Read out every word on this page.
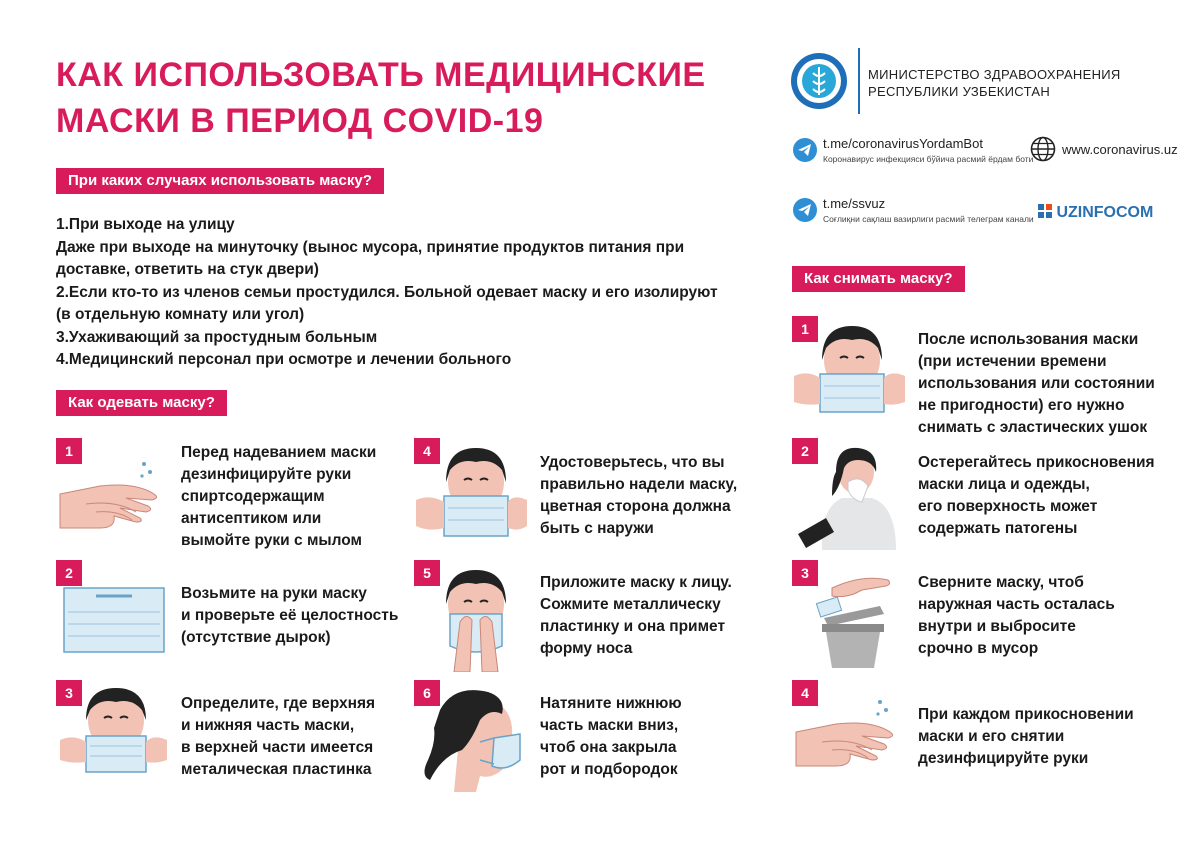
КАК ИСПОЛЬЗОВАТЬ МЕДИЦИНСКИЕ
МАСКИ В ПЕРИОД COVID-19
МИНИСТЕРСТВО ЗДРАВООХРАНЕНИЯ
РЕСПУБЛИКИ УЗБЕКИСТАН
t.me/coronavirusYordamBot
Коронавирус инфекцияси бўйича расмий ёрдам боти
www.coronavirus.uz
t.me/ssvuz
Соғлиқни сақлаш вазирлиги расмий телеграм канали	UZINFOCOM
При каких случаях использовать маску?
1.При выходе на улицу
Даже при выходе на минуточку (вынос мусора, принятие продуктов питания при
доставке, ответить на стук двери)
2.Если кто-то из членов семьи простудился. Больной одевает маску и его изолируют
(в отдельную комнату или угол)
3.Ухаживающий за простудным больным
4.Медицинский персонал при осмотре и лечении больного
Как одевать маску?
1	Перед надеванием маски
дезинфицируйте руки
спиртсодержащим
антисептиком или
вымойте руки с мылом
2
Возьмите на руки маску
и проверьте её целостность
(отсутствие дырок)
3
Определите, где верхняя
и нижняя часть маски,
в верхней части имеется
металическая пластинка
4
Удостоверьтесь, что вы
правильно надели маску,
цветная сторона должна
быть с наружи
5
Приложите маску к лицу.
Сожмите металлическу
пластинку и она примет
форму носа
6
Натяните нижнюю
часть маски вниз,
чтоб она закрыла
рот и подбородок
Как снимать маску?
1
После использования маски
(при истечении времени
использования или состоянии
не пригодности) его нужно
снимать с эластических ушок
2
Остерегайтесь прикосновения
маски лица и одежды,
его поверхность может
содержать патогены
3
Сверните маску, чтоб
наружная часть осталась
внутри и выбросите
срочно в мусор
4
При каждом прикосновении
маски и его снятии
дезинфицируйте руки
